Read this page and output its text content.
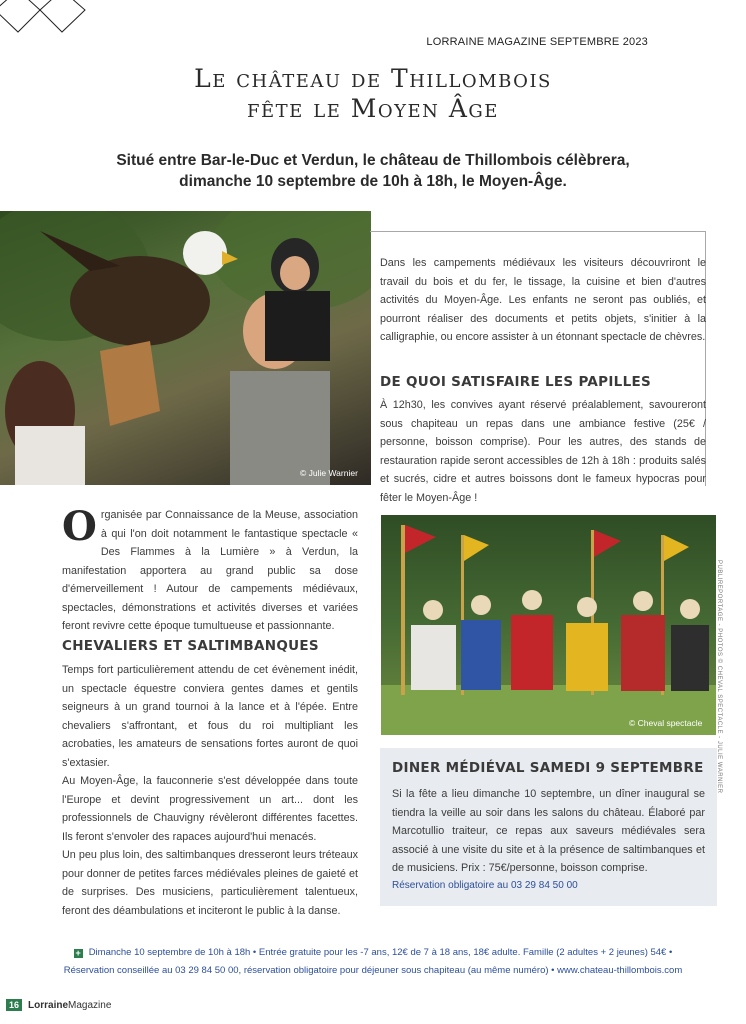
LORRAINE MAGAZINE SEPTEMBRE 2023
Le château de Thillombois
fête le Moyen Âge
Situé entre Bar-le-Duc et Verdun, le château de Thillombois célèbrera,
dimanche 10 septembre de 10h à 18h, le Moyen-Âge.
© Julie Warnier

Dans les campements médiévaux les visiteurs découvriront le travail du bois et du fer, le tissage, la cuisine et bien d'autres activités du Moyen-Âge. Les enfants ne seront pas oubliés, et pourront réaliser des documents et petits objets, s'initier à la calligraphie, ou encore assister à un étonnant spectacle de chèvres.

DE QUOI SATISFAIRE LES PAPILLES

À 12h30, les convives ayant réservé préalablement, savoureront sous chapiteau un repas dans une ambiance festive (25€ / personne, boisson comprise). Pour les autres, des stands de restauration rapide seront accessibles de 12h à 18h : produits salés et sucrés, cidre et autres boissons dont le fameux hypocras pour fêter le Moyen-Âge !

O rganisée par Connaissance de la Meuse, association à qui l'on doit notamment le fantastique spectacle « Des Flammes à la Lumière » à Verdun, la manifestation apportera au grand public sa dose d'émerveillement ! Autour de campements médiévaux, spectacles, démonstrations et activités diverses et variées feront revivre cette époque tumultueuse et passionnante.

CHEVALIERS ET SALTIMBANQUES

Temps fort particulièrement attendu de cet évènement inédit, un spectacle équestre conviera gentes dames et gentils seigneurs à un grand tournoi à la lance et à l'épée. Entre chevaliers s'affrontant, et fous du roi multipliant les acrobaties, les amateurs de sensations fortes auront de quoi s'extasier.

Au Moyen-Âge, la fauconnerie s'est développée dans toute l'Europe et devint progressivement un art... dont les professionnels de Chauvigny révèleront différentes facettes. Ils feront s'envoler des rapaces aujourd'hui menacés.

Un peu plus loin, des saltimbanques dresseront leurs tréteaux pour donner de petites farces médiévales pleines de gaieté et de surprises. Des musiciens, particulièrement talentueux, feront des déambulations et inciteront le public à la danse.

© Cheval spectacle
DINER MÉDIÉVAL SAMEDI 9 SEPTEMBRE

Si la fête a lieu dimanche 10 septembre, un dîner inaugural se tiendra la veille au soir dans les salons du château. Élaboré par Marcotullio traiteur, ce repas aux saveurs médiévales sera associé à une visite du site et à la présence de saltimbanques et de musiciens. Prix : 75€/personne, boisson comprise.

Réservation obligatoire au 03 29 84 50 00
+ Dimanche 10 septembre de 10h à 18h • Entrée gratuite pour les -7 ans, 12€ de 7 à 18 ans, 18€ adulte. Famille (2 adultes + 2 jeunes) 54€ •
Réservation conseillée au 03 29 84 50 00, réservation obligatoire pour déjeuner sous chapiteau (au même numéro) • www.chateau-thillombois.com
16 LorraineMagazine
PUBLIREPORTAGE - PHOTOS © CHEVAL SPECTACLE - JULIE WARNIER
